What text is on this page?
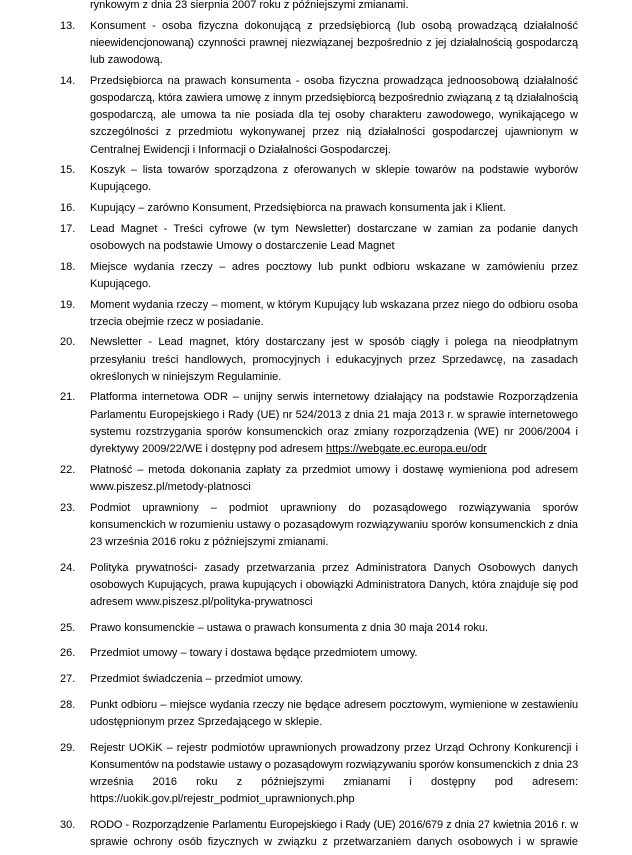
rynkowym z dnia 23 sierpnia 2007 roku z późniejszymi zmianami.
13. Konsument - osoba fizyczna dokonującą z przedsiębiorcą (lub osobą prowadzącą działalność
nieewidencjonowaną) czynności prawnej niezwiązanej bezpośrednio z jej działalnością gospodarczą
lub zawodową.
14. Przedsiębiorca na prawach konsumenta - osoba fizyczna prowadząca jednoosobową działalność
gospodarczą, która zawiera umowę z innym przedsiębiorcą bezpośrednio związaną z tą działalnością
gospodarczą, ale umowa ta nie posiada dla tej osoby charakteru zawodowego, wynikającego w
szczególności z przedmiotu wykonywanej przez nią działalności gospodarczej ujawnionym w
Centralnej Ewidencji i Informacji o Działalności Gospodarczej.
15. Koszyk – lista towarów sporządzona z oferowanych w sklepie towarów na podstawie wyborów
Kupującego.
16. Kupujący – zarówno Konsument, Przedsiębiorca na prawach konsumenta jak i Klient.
17. Lead Magnet - Treści cyfrowe (w tym Newsletter) dostarczane w zamian za podanie danych
osobowych na podstawie Umowy o dostarczenie Lead Magnet
18. Miejsce wydania rzeczy – adres pocztowy lub punkt odbioru wskazane w zamówieniu przez
Kupującego.
19. Moment wydania rzeczy – moment, w którym Kupujący lub wskazana przez niego do odbioru osoba
trzecia obejmie rzecz w posiadanie.
20. Newsletter - Lead magnet, który dostarczany jest w sposób ciągły i polega na nieodpłatnym
przesyłaniu treści handlowych, promocyjnych i edukacyjnych przez Sprzedawcę, na zasadach
określonych w niniejszym Regulaminie.
21. Platforma internetowa ODR – unijny serwis internetowy działający na podstawie Rozporządzenia
Parlamentu Europejskiego i Rady (UE) nr 524/2013 z dnia 21 maja 2013 r. w sprawie internetowego
systemu rozstrzygania sporów konsumenckich oraz zmiany rozporządzenia (WE) nr 2006/2004 i
dyrektywy 2009/22/WE i dostępny pod adresem https://webgate.ec.europa.eu/odr
22. Płatność – metoda dokonania zapłaty za przedmiot umowy i dostawę wymieniona pod adresem
www.piszesz.pl/metody-platnosci
23. Podmiot uprawniony – podmiot uprawniony do pozasądowego rozwiązywania sporów
konsumenckich w rozumieniu ustawy o pozasądowym rozwiązywaniu sporów konsumenckich z dnia
23 września 2016 roku z późniejszymi zmianami.
24. Polityka prywatności- zasady przetwarzania przez Administratora Danych Osobowych danych
osobowych Kupujących, prawa kupujących i obowiązki Administratora Danych, która znajduje się pod
adresem www.piszesz.pl/polityka-prywatnosci
25. Prawo konsumenckie – ustawa o prawach konsumenta z dnia 30 maja 2014 roku.
26. Przedmiot umowy – towary i dostawa będące przedmiotem umowy.
27. Przedmiot świadczenia – przedmiot umowy.
28. Punkt odbioru – miejsce wydania rzeczy nie będące adresem pocztowym, wymienione w zestawieniu
udostępnionym przez Sprzedającego w sklepie.
29. Rejestr UOKiK – rejestr podmiotów uprawnionych prowadzony przez Urząd Ochrony Konkurencji i
Konsumentów na podstawie ustawy o pozasądowym rozwiązywaniu sporów konsumenckich z dnia 23
września 2016 roku z późniejszymi zmianami i dostępny pod adresem:
https://uokik.gov.pl/rejestr_podmiot_uprawnionych.php
30. RODO - Rozporządzenie Parlamentu Europejskiego i Rady (UE) 2016/679 z dnia 27 kwietnia 2016 r. w
sprawie ochrony osób fizycznych w związku z przetwarzaniem danych osobowych i w sprawie
